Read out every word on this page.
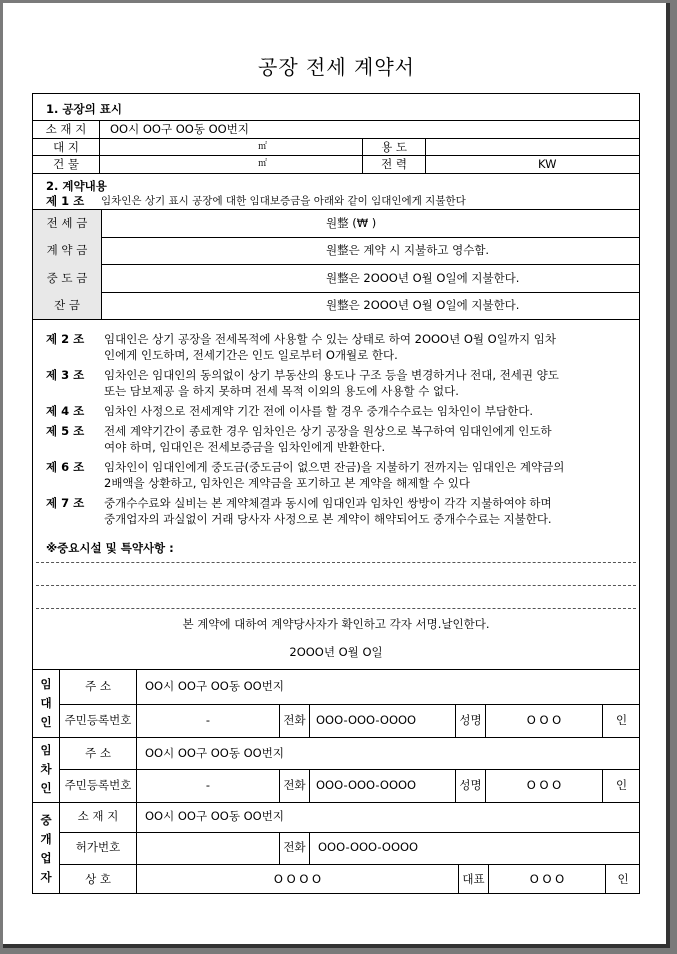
공장 전세 계약서
1. 공장의 표시
소 재 지	OO시 OO구 OO동 OO번지
대 지	㎡	용 도
건 물	㎡	전 력	KW
2. 계약내용
제 1 조 임차인은 상기 표시 공장에 대한 임대보증금을 아래와 같이 임대인에게 지불한다
전 세 금	원整 (₩ )
계 약 금	원整은 계약 시 지불하고 영수함.
중 도 금	원整은 2OOO년 O월 O일에 지불한다.
잔 금	원整은 2OOO년 O월 O일에 지불한다.
제 2 조 임대인은 상기 공장을 전세목적에 사용할 수 있는 상태로 하여 2OOO년 O월 O일까지 임차
인에게 인도하며, 전세기간은 인도 일로부터 O개월로 한다.
제 3 조 임차인은 임대인의 동의없이 상기 부동산의 용도나 구조 등을 변경하거나 전대, 전세권 양도
또는 담보제공 을 하지 못하며 전세 목적 이외의 용도에 사용할 수 없다.
제 4 조 임차인 사정으로 전세계약 기간 전에 이사를 할 경우 중개수수료는 임차인이 부담한다.
제 5 조 전세 계약기간이 종료한 경우 임차인은 상기 공장을 원상으로 복구하여 임대인에게 인도하
여야 하며, 임대인은 전세보증금을 임차인에게 반환한다.
제 6 조 임차인이 임대인에게 중도금(중도금이 없으면 잔금)을 지불하기 전까지는 임대인은 계약금의
2배액을 상환하고, 임차인은 계약금을 포기하고 본 계약을 해제할 수 있다
제 7 조 중개수수료와 실비는 본 계약체결과 동시에 임대인과 임차인 쌍방이 각각 지불하여야 하며
중개업자의 과실없이 거래 당사자 사정으로 본 계약이 해약되어도 중개수수료는 지불한다.
※중요시설 및 특약사항 :
본 계약에 대하여 계약당사자가 확인하고 각자 서명.날인한다.
2OOO년 O월 O일
임
대
인
주 소	OO시 OO구 OO동 OO번지
주민등록번호	-	전화 OOO-OOO-OOOO	성명	O O O	인
임
차
인
주 소	OO시 OO구 OO동 OO번지
주민등록번호	-	전화 OOO-OOO-OOOO	성명	O O O	인
중
개
업
자
소 재 지	OO시 OO구 OO동 OO번지
허가번호	전화 OOO-OOO-OOOO
상 호	O O O O	대표	O O O	인
